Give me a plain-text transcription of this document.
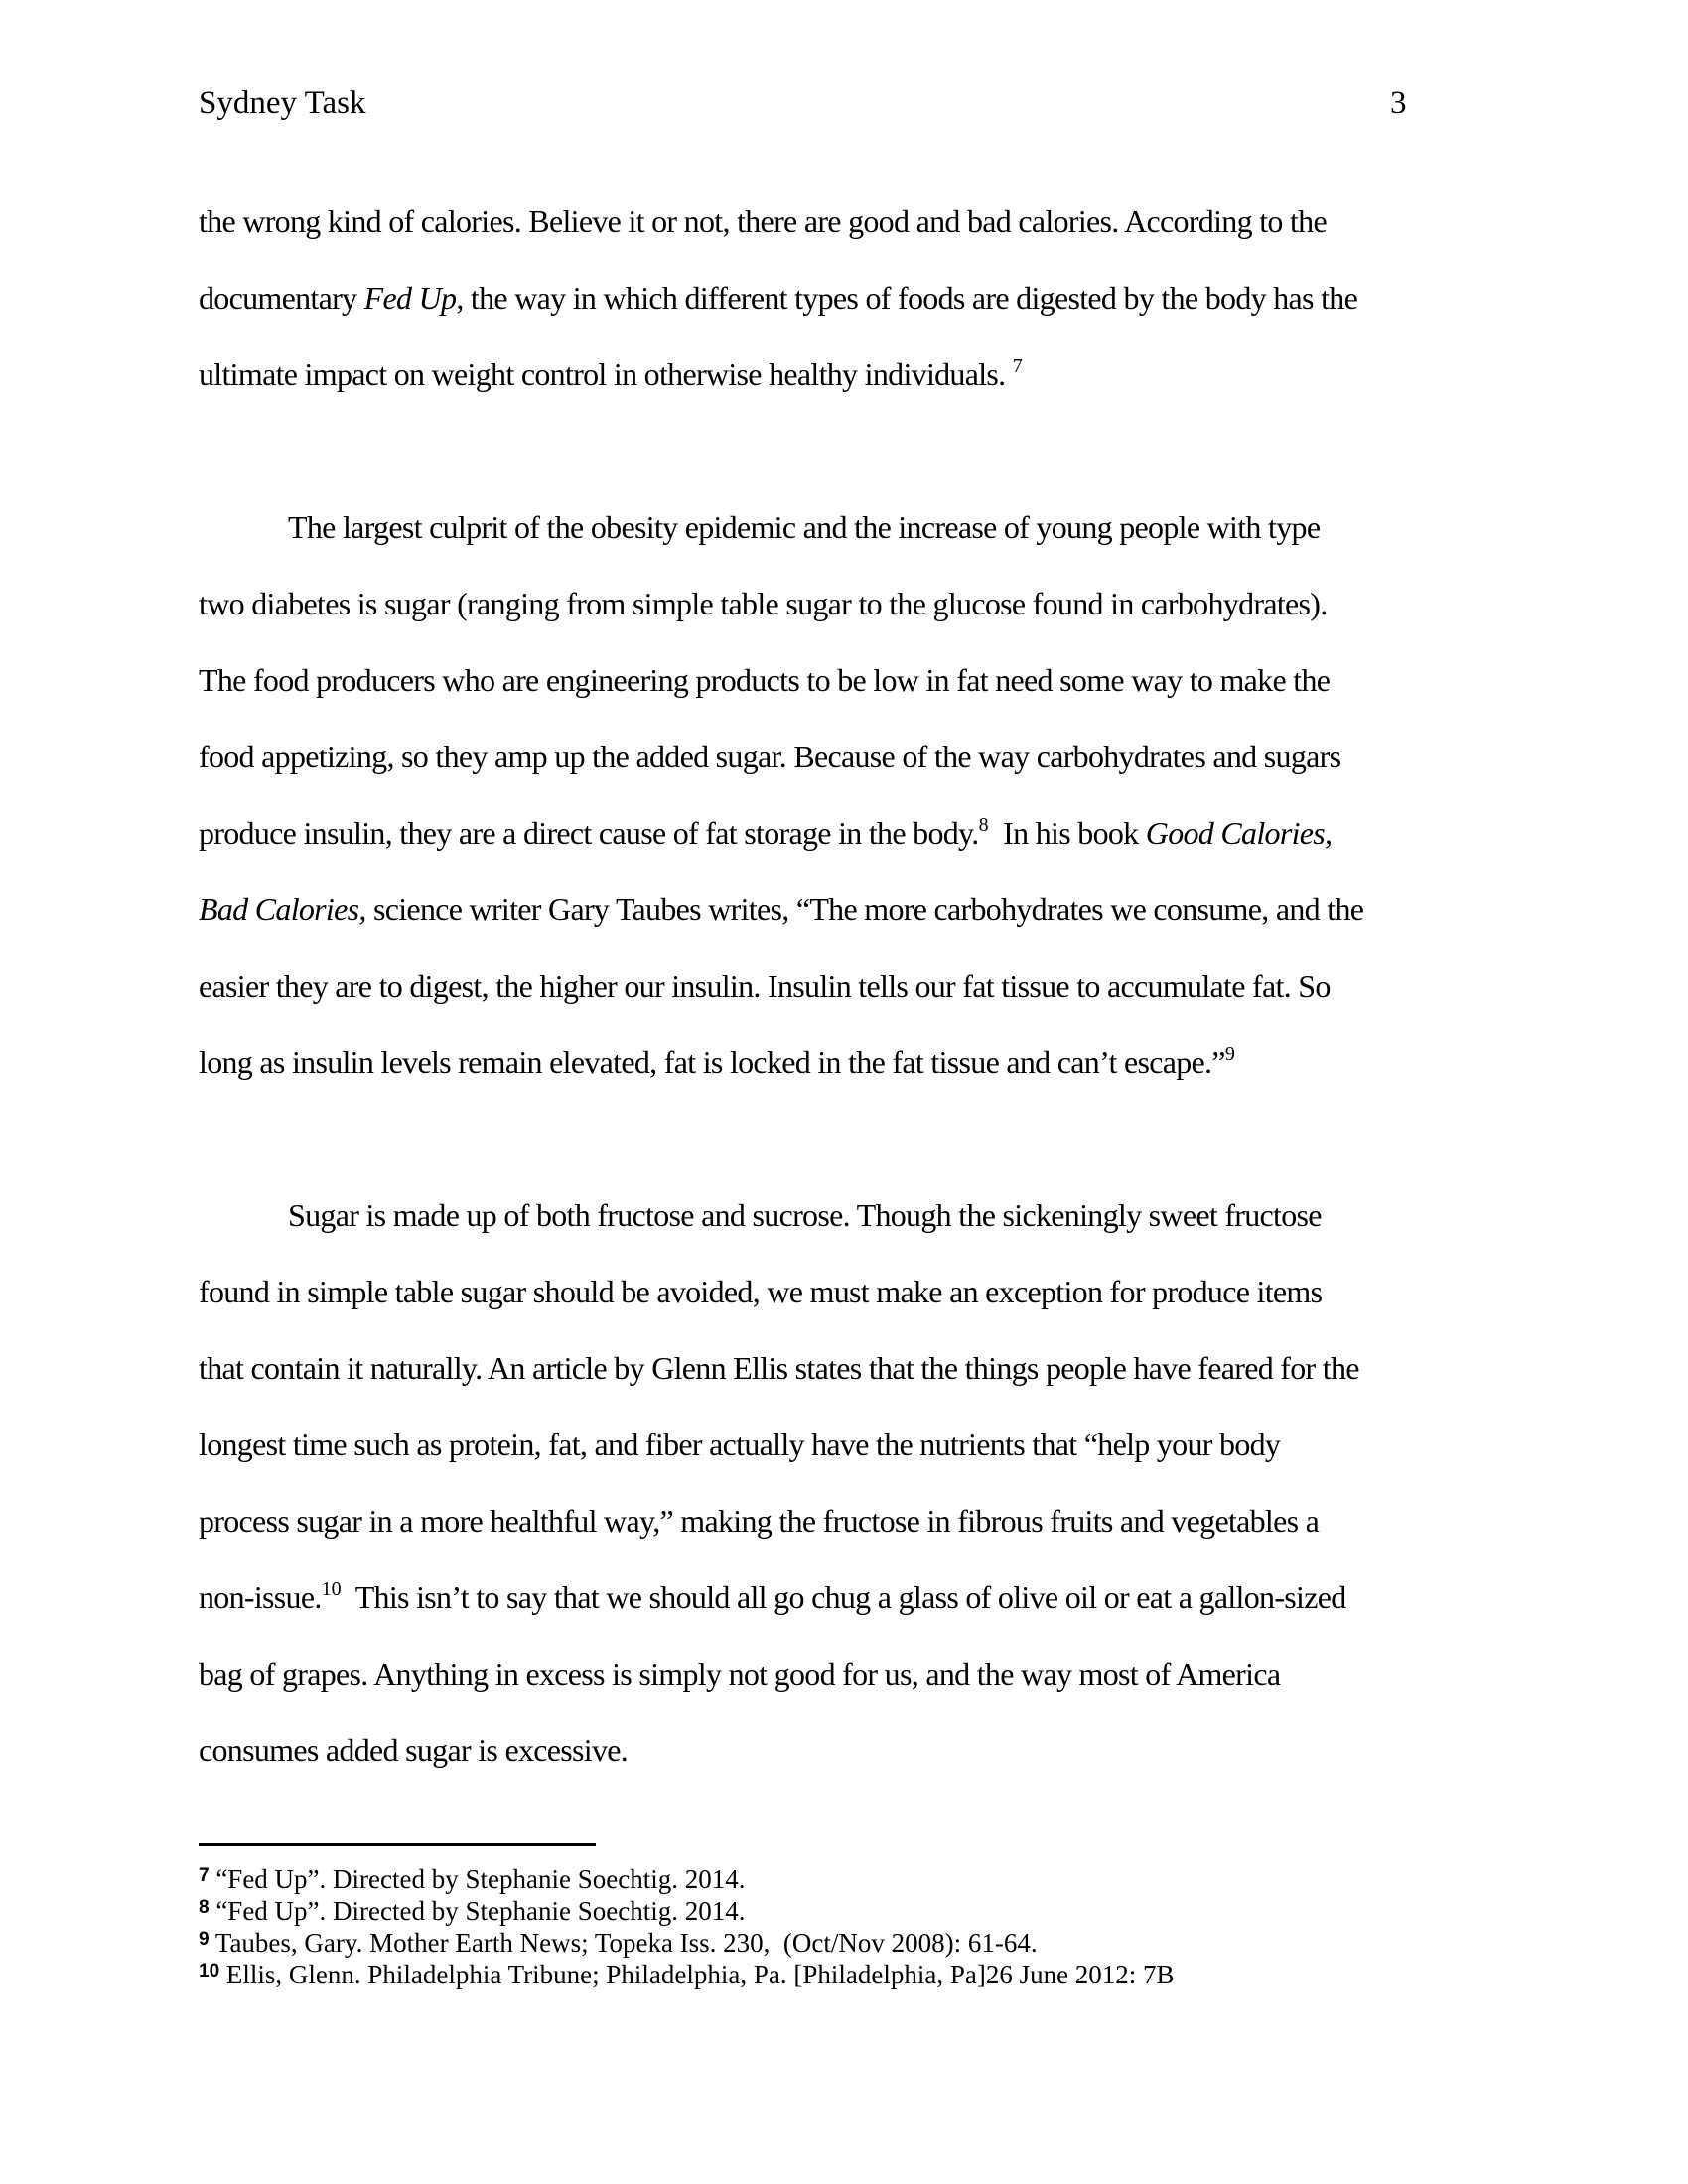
Sydney Task	3
the wrong kind of calories. Believe it or not, there are good and bad calories. According to the
documentary Fed Up, the way in which different types of foods are digested by the body has the
ultimate impact on weight control in otherwise healthy individuals. $^7$
The largest culprit of the obesity epidemic and the increase of young people with type
two diabetes is sugar (ranging from simple table sugar to the glucose found in carbohydrates).
The food producers who are engineering products to be low in fat need some way to make the
food appetizing, so they amp up the added sugar. Because of the way carbohydrates and sugars
produce insulin, they are a direct cause of fat storage in the body.$^8$  In his book Good Calories,
Bad Calories, science writer Gary Taubes writes, “The more carbohydrates we consume, and the
easier they are to digest, the higher our insulin. Insulin tells our fat tissue to accumulate fat. So
long as insulin levels remain elevated, fat is locked in the fat tissue and can’t escape.”$^9$
Sugar is made up of both fructose and sucrose. Though the sickeningly sweet fructose
found in simple table sugar should be avoided, we must make an exception for produce items
that contain it naturally. An article by Glenn Ellis states that the things people have feared for the
longest time such as protein, fat, and fiber actually have the nutrients that “help your body
process sugar in a more healthful way,” making the fructose in fibrous fruits and vegetables a
non-issue.$^{10}$  This isn’t to say that we should all go chug a glass of olive oil or eat a gallon-sized
bag of grapes. Anything in excess is simply not good for us, and the way most of America
consumes added sugar is excessive.
$^7$ “Fed Up”. Directed by Stephanie Soechtig. 2014.
$^8$ “Fed Up”. Directed by Stephanie Soechtig. 2014.
$^9$ Taubes, Gary. Mother Earth News; Topeka Iss. 230,  (Oct/Nov 2008): 61-64.
$^{10}$ Ellis, Glenn. Philadelphia Tribune; Philadelphia, Pa. [Philadelphia, Pa]26 June 2012: 7B
